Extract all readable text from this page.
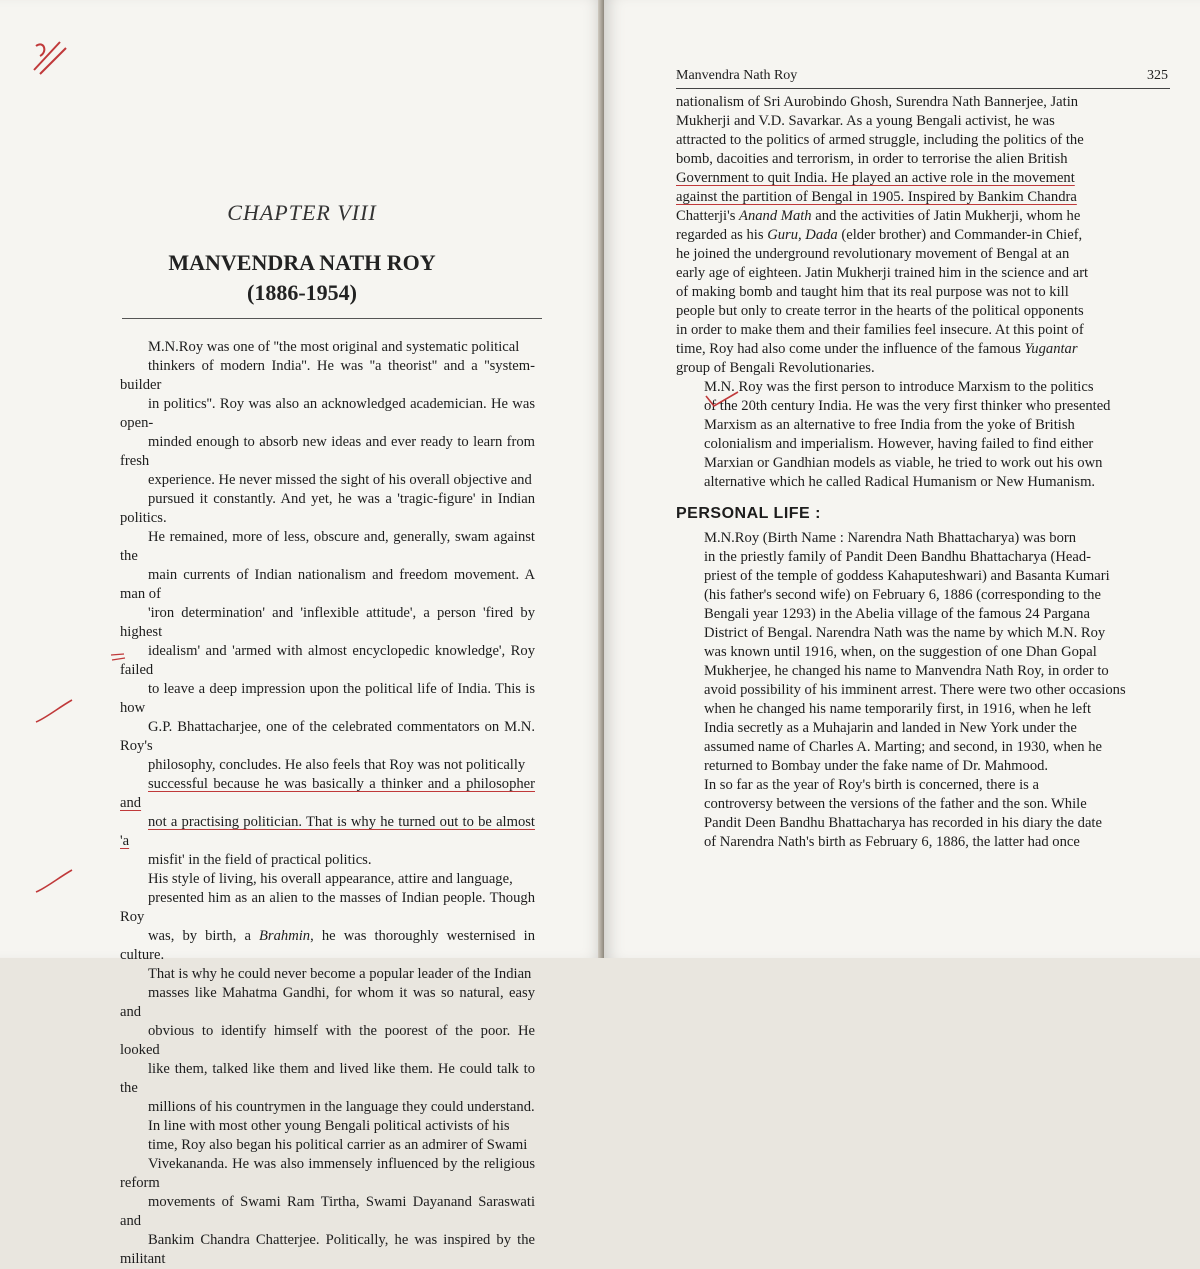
CHAPTER VIII
MANVENDRA NATH ROY
(1886-1954)

M.N.Roy was one of ''the most original and systematic political
thinkers of modern India''. He was ''a theorist'' and a ''system-builder
in politics''. Roy was also an acknowledged academician. He was open-
minded enough to absorb new ideas and ever ready to learn from fresh
experience. He never missed the sight of his overall objective and
pursued it constantly. And yet, he was a 'tragic-figure' in Indian politics.
He remained, more of less, obscure and, generally, swam against the
main currents of Indian nationalism and freedom movement. A man of
'iron determination' and 'inflexible attitude', a person 'fired by highest
idealism' and 'armed with almost encyclopedic knowledge', Roy failed
to leave a deep impression upon the political life of India. This is how
G.P. Bhattacharjee, one of the celebrated commentators on M.N. Roy's
philosophy, concludes. He also feels that Roy was not politically
successful because he was basically a thinker and a philosopher and
not a practising politician. That is why he turned out to be almost 'a
misfit' in the field of practical politics.

His style of living, his overall appearance, attire and language,
presented him as an alien to the masses of Indian people. Though Roy
was, by birth, a Brahmin, he was thoroughly westernised in culture.
That is why he could never become a popular leader of the Indian
masses like Mahatma Gandhi, for whom it was so natural, easy and
obvious to identify himself with the poorest of the poor. He looked
like them, talked like them and lived like them. He could talk to the
millions of his countrymen in the language they could understand.

In line with most other young Bengali political activists of his
time, Roy also began his political carrier as an admirer of Swami
Vivekananda. He was also immensely influenced by the religious reform
movements of Swami Ram Tirtha, Swami Dayanand Saraswati and
Bankim Chandra Chatterjee. Politically, he was inspired by the militant

Manvendra Nath Roy	325

nationalism of Sri Aurobindo Ghosh, Surendra Nath Bannerjee, Jatin
Mukherji and V.D. Savarkar. As a young Bengali activist, he was
attracted to the politics of armed struggle, including the politics of the
bomb, dacoities and terrorism, in order to terrorise the alien British
Government to quit India. He played an active role in the movement
against the partition of Bengal in 1905. Inspired by Bankim Chandra
Chatterji's Anand Math and the activities of Jatin Mukherji, whom he
regarded as his Guru, Dada (elder brother) and Commander-in Chief,
he joined the underground revolutionary movement of Bengal at an
early age of eighteen. Jatin Mukherji trained him in the science and art
of making bomb and taught him that its real purpose was not to kill
people but only to create terror in the hearts of the political opponents
in order to make them and their families feel insecure. At this point of
time, Roy had also come under the influence of the famous Yugantar
group of Bengali Revolutionaries.

M.N. Roy was the first person to introduce Marxism to the politics
of the 20th century India. He was the very first thinker who presented
Marxism as an alternative to free India from the yoke of British
colonialism and imperialism. However, having failed to find either
Marxian or Gandhian models as viable, he tried to work out his own
alternative which he called Radical Humanism or New Humanism.

PERSONAL LIFE :

M.N.Roy (Birth Name : Narendra Nath Bhattacharya) was born
in the priestly family of Pandit Deen Bandhu Bhattacharya (Head-
priest of the temple of goddess Kahaputeshwari) and Basanta Kumari
(his father's second wife) on February 6, 1886 (corresponding to the
Bengali year 1293) in the Abelia village of the famous 24 Pargana
District of Bengal. Narendra Nath was the name by which M.N. Roy
was known until 1916, when, on the suggestion of one Dhan Gopal
Mukherjee, he changed his name to Manvendra Nath Roy, in order to
avoid possibility of his imminent arrest. There were two other occasions
when he changed his name temporarily first, in 1916, when he left
India secretly as a Muhajarin and landed in New York under the
assumed name of Charles A. Marting; and second, in 1930, when he
returned to Bombay under the fake name of Dr. Mahmood.

In so far as the year of Roy's birth is concerned, there is a
controversy between the versions of the father and the son. While
Pandit Deen Bandhu Bhattacharya has recorded in his diary the date
of Narendra Nath's birth as February 6, 1886, the latter had once
